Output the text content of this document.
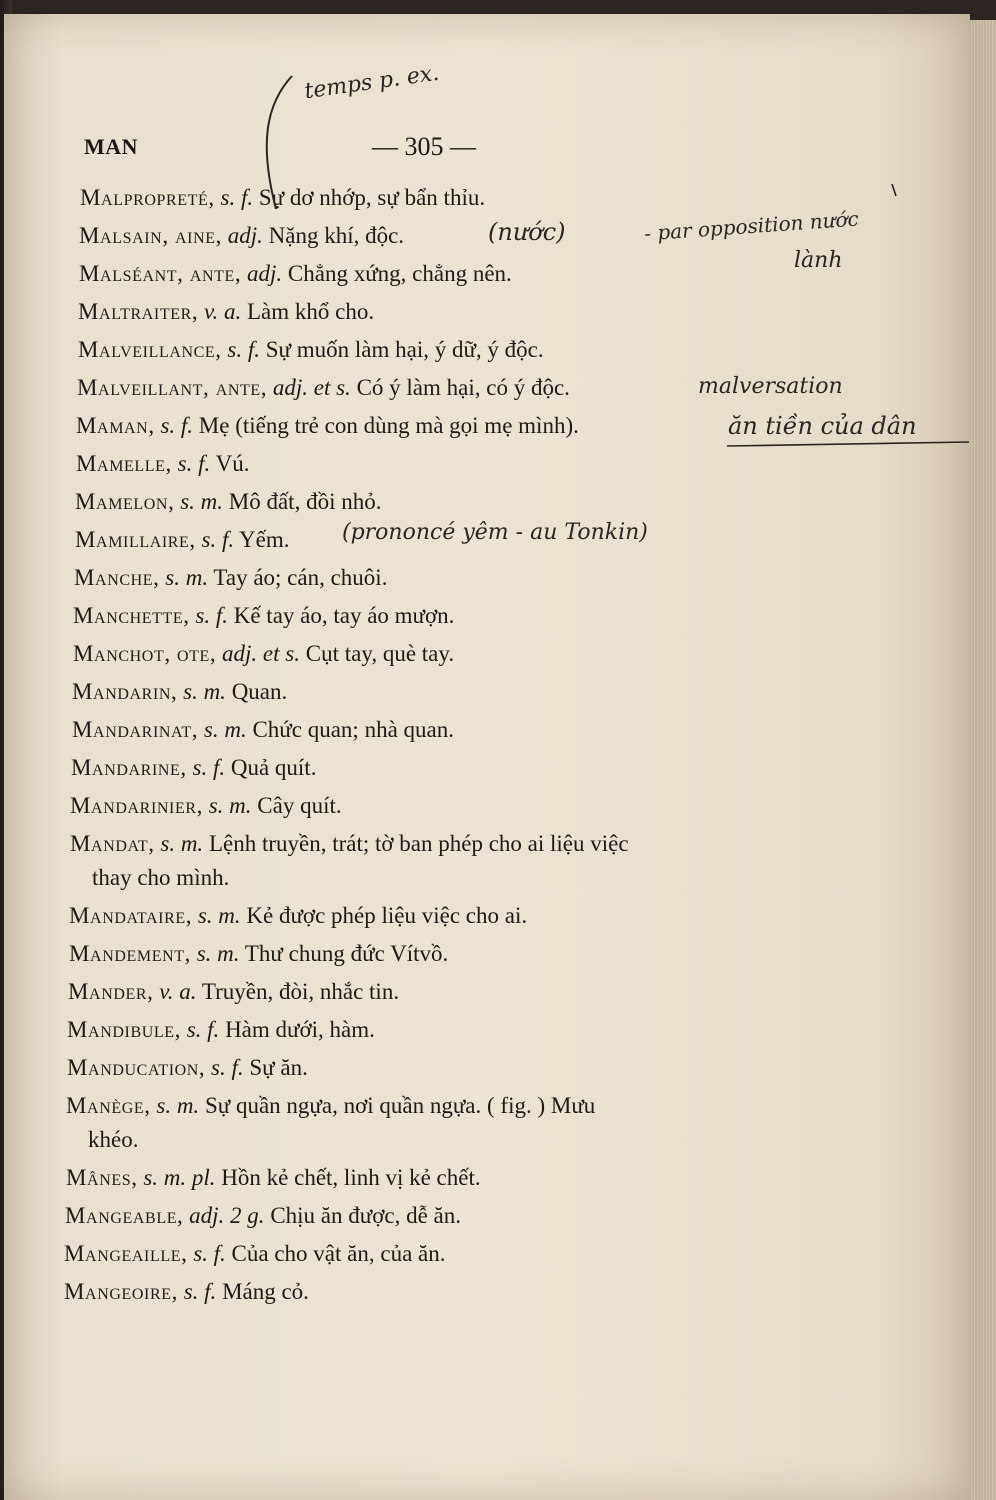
MAN	— 305 —
Malpropreté, s. f. Sự dơ nhớp, sự bẩn thỉu.
Malsain, aine, adj. Nặng khí, độc.
Malséant, ante, adj. Chẳng xứng, chẳng nên.
Maltraiter, v. a. Làm khổ cho.
Malveillance, s. f. Sự muốn làm hại, ý dữ, ý độc.
Malveillant, ante, adj. et s. Có ý làm hại, có ý độc.
Maman, s. f. Mẹ (tiếng trẻ con dùng mà gọi mẹ mình).
Mamelle, s. f. Vú.
Mamelon, s. m. Mô đất, đồi nhỏ.
Mamillaire, s. f. Yếm.
Manche, s. m. Tay áo; cán, chuôi.
Manchette, s. f. Kế tay áo, tay áo mượn.
Manchot, ote, adj. et s. Cụt tay, què tay.
Mandarin, s. m. Quan.
Mandarinat, s. m. Chức quan; nhà quan.
Mandarine, s. f. Quả quít.
Mandarinier, s. m. Cây quít.
Mandat, s. m. Lệnh truyền, trát; tờ ban phép cho ai liệu việc
thay cho mình.
Mandataire, s. m. Kẻ được phép liệu việc cho ai.
Mandement, s. m. Thư chung đức Vítvồ.
Mander, v. a. Truyền, đòi, nhắc tin.
Mandibule, s. f. Hàm dưới, hàm.
Manducation, s. f. Sự ăn.
Manège, s. m. Sự quần ngựa, nơi quần ngựa. ( fig. ) Mưu
khéo.
Mânes, s. m. pl. Hồn kẻ chết, linh vị kẻ chết.
Mangeable, adj. 2 g. Chịu ăn được, dễ ăn.
Mangeaille, s. f. Của cho vật ăn, của ăn.
Mangeoire, s. f. Máng cỏ.
temps p. ex.
(nước)	- par opposition nước
lành
malversation
ăn tiền của dân
(prononcé yêm - au Tonkin)
